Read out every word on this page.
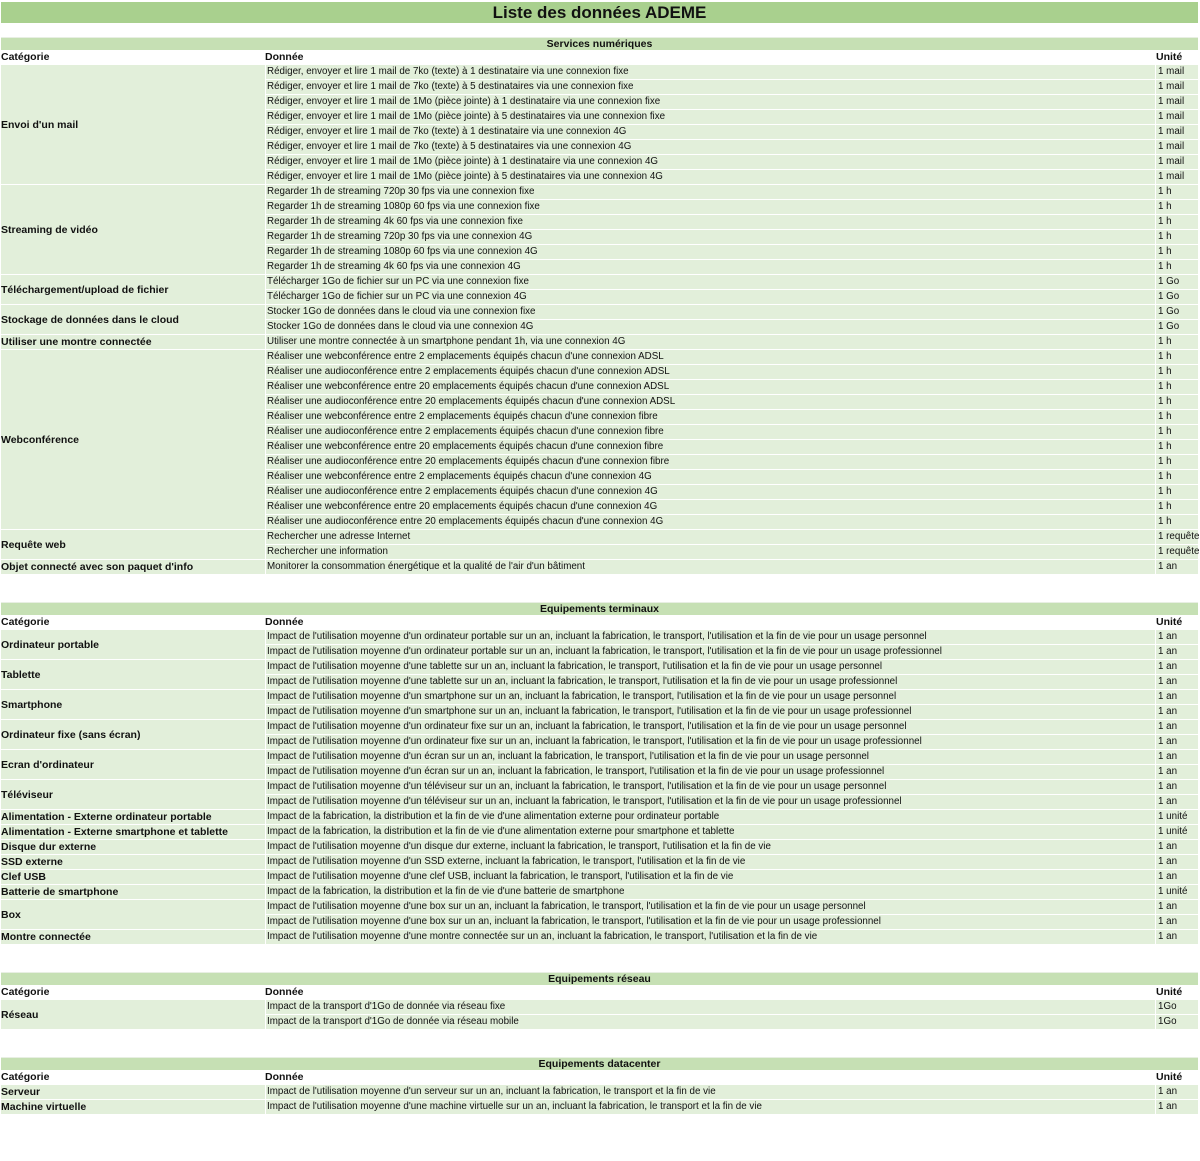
Liste des données ADEME
Services numériques
Catégorie	Donnée	Unité
Envoi d'un mail
Rédiger, envoyer et lire 1 mail de 7ko (texte) à 1 destinataire via une connexion fixe	1 mail
Rédiger, envoyer et lire 1 mail de 7ko (texte) à 5 destinataires via une connexion fixe	1 mail
Rédiger, envoyer et lire 1 mail de 1Mo (pièce jointe) à 1 destinataire via une connexion fixe	1 mail
Rédiger, envoyer et lire 1 mail de 1Mo (pièce jointe) à 5 destinataires via une connexion fixe	1 mail
Rédiger, envoyer et lire 1 mail de 7ko (texte) à 1 destinataire via une connexion 4G	1 mail
Rédiger, envoyer et lire 1 mail de 7ko (texte) à 5 destinataires via une connexion 4G	1 mail
Rédiger, envoyer et lire 1 mail de 1Mo (pièce jointe) à 1 destinataire via une connexion 4G	1 mail
Rédiger, envoyer et lire 1 mail de 1Mo (pièce jointe) à 5 destinataires via une connexion 4G	1 mail
Streaming de vidéo
Regarder 1h de streaming 720p 30 fps via une connexion fixe	1 h
Regarder 1h de streaming 1080p 60 fps via une connexion fixe	1 h
Regarder 1h de streaming 4k 60 fps via une connexion fixe	1 h
Regarder 1h de streaming 720p 30 fps via une connexion 4G	1 h
Regarder 1h de streaming 1080p 60 fps via une connexion 4G	1 h
Regarder 1h de streaming 4k 60 fps via une connexion 4G	1 h
Téléchargement/upload de fichier
Télécharger 1Go de fichier sur un PC via une connexion fixe	1 Go
Télécharger 1Go de fichier sur un PC via une connexion 4G	1 Go
Stockage de données dans le cloud
Stocker 1Go de données dans le cloud via une connexion fixe	1 Go
Stocker 1Go de données dans le cloud via une connexion 4G	1 Go
Utiliser une montre connectée	Utiliser une montre connectée à un smartphone pendant 1h, via une connexion 4G	1 h
Webconférence
Réaliser une webconférence entre 2 emplacements équipés chacun d'une connexion ADSL	1 h
Réaliser une audioconférence entre 2 emplacements équipés chacun d'une connexion ADSL	1 h
Réaliser une webconférence entre 20 emplacements équipés chacun d'une connexion ADSL	1 h
Réaliser une audioconférence entre 20 emplacements équipés chacun d'une connexion ADSL	1 h
Réaliser une webconférence entre 2 emplacements équipés chacun d'une connexion fibre	1 h
Réaliser une audioconférence entre 2 emplacements équipés chacun d'une connexion fibre	1 h
Réaliser une webconférence entre 20 emplacements équipés chacun d'une connexion fibre	1 h
Réaliser une audioconférence entre 20 emplacements équipés chacun d'une connexion fibre	1 h
Réaliser une webconférence entre 2 emplacements équipés chacun d'une connexion 4G	1 h
Réaliser une audioconférence entre 2 emplacements équipés chacun d'une connexion 4G	1 h
Réaliser une webconférence entre 20 emplacements équipés chacun d'une connexion 4G	1 h
Réaliser une audioconférence entre 20 emplacements équipés chacun d'une connexion 4G	1 h
Requête web
Rechercher une adresse Internet	1 requête
Rechercher une information	1 requête
Objet connecté avec son paquet d'info	Monitorer la consommation énergétique et la qualité de l'air d'un bâtiment	1 an
Equipements terminaux
Catégorie	Donnée	Unité
Ordinateur portable
Impact de l'utilisation moyenne d'un ordinateur portable sur un an, incluant la fabrication, le transport, l'utilisation et la fin de vie pour un usage personnel	1 an
Impact de l'utilisation moyenne d'un ordinateur portable sur un an, incluant la fabrication, le transport, l'utilisation et la fin de vie pour un usage professionnel	1 an
Tablette
Impact de l'utilisation moyenne d'une tablette sur un an, incluant la fabrication, le transport, l'utilisation et la fin de vie pour un usage personnel	1 an
Impact de l'utilisation moyenne d'une tablette sur un an, incluant la fabrication, le transport, l'utilisation et la fin de vie pour un usage professionnel	1 an
Smartphone
Impact de l'utilisation moyenne d'un smartphone sur un an, incluant la fabrication, le transport, l'utilisation et la fin de vie pour un usage personnel	1 an
Impact de l'utilisation moyenne d'un smartphone sur un an, incluant la fabrication, le transport, l'utilisation et la fin de vie pour un usage professionnel	1 an
Ordinateur fixe (sans écran)
Impact de l'utilisation moyenne d'un ordinateur fixe sur un an, incluant la fabrication, le transport, l'utilisation et la fin de vie pour un usage personnel	1 an
Impact de l'utilisation moyenne d'un ordinateur fixe sur un an, incluant la fabrication, le transport, l'utilisation et la fin de vie pour un usage professionnel	1 an
Ecran d'ordinateur
Impact de l'utilisation moyenne d'un écran sur un an, incluant la fabrication, le transport, l'utilisation et la fin de vie pour un usage personnel	1 an
Impact de l'utilisation moyenne d'un écran sur un an, incluant la fabrication, le transport, l'utilisation et la fin de vie pour un usage professionnel	1 an
Téléviseur
Impact de l'utilisation moyenne d'un téléviseur sur un an, incluant la fabrication, le transport, l'utilisation et la fin de vie pour un usage personnel	1 an
Impact de l'utilisation moyenne d'un téléviseur sur un an, incluant la fabrication, le transport, l'utilisation et la fin de vie pour un usage professionnel	1 an
Alimentation - Externe ordinateur portable	Impact de la fabrication, la distribution et la fin de vie d'une alimentation externe pour ordinateur portable	1 unité
Alimentation - Externe smartphone et tablette	Impact de la fabrication, la distribution et la fin de vie d'une alimentation externe pour smartphone et tablette	1 unité
Disque dur externe	Impact de l'utilisation moyenne d'un disque dur externe, incluant la fabrication, le transport, l'utilisation et la fin de vie	1 an
SSD externe	Impact de l'utilisation moyenne d'un SSD externe, incluant la fabrication, le transport, l'utilisation et la fin de vie	1 an
Clef USB	Impact de l'utilisation moyenne d'une clef USB, incluant la fabrication, le transport, l'utilisation et la fin de vie	1 an
Batterie de smartphone	Impact de la fabrication, la distribution et la fin de vie d'une batterie de smartphone	1 unité
Box
Impact de l'utilisation moyenne d'une box sur un an, incluant la fabrication, le transport, l'utilisation et la fin de vie pour un usage personnel	1 an
Impact de l'utilisation moyenne d'une box sur un an, incluant la fabrication, le transport, l'utilisation et la fin de vie pour un usage professionnel	1 an
Montre connectée	Impact de l'utilisation moyenne d'une montre connectée sur un an, incluant la fabrication, le transport, l'utilisation et la fin de vie	1 an
Equipements réseau
Catégorie	Donnée	Unité
Réseau
Impact de la transport d'1Go de donnée via réseau fixe	1Go
Impact de la transport d'1Go de donnée via réseau mobile	1Go
Equipements datacenter
Catégorie	Donnée	Unité
Serveur	Impact de l'utilisation moyenne d'un serveur sur un an, incluant la fabrication, le transport et la fin de vie	1 an
Machine virtuelle	Impact de l'utilisation moyenne d'une machine virtuelle sur un an, incluant la fabrication, le transport et la fin de vie	1 an
